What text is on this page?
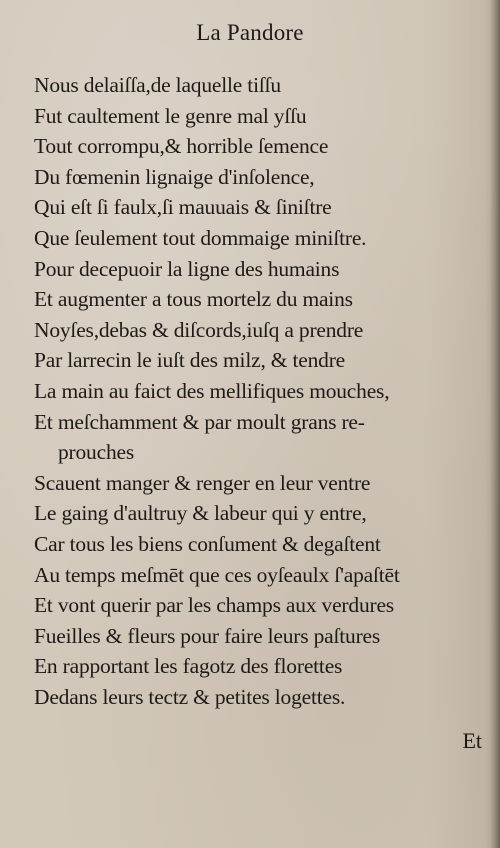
La Pandore
Nous delaiſſa,de laquelle tiſſu
Fut caultement le genre mal yſſu
Tout corrompu,& horrible ſemence
Du fœmenin lignaige d'inſolence,
Qui eſt ſi faulx,ſi mauuais & ſiniſtre
Que ſeulement tout dommaige miniſtre.
Pour decepuoir la ligne des humains
Et augmenter a tous mortelz du mains
Noyſes,debas & diſcords,iuſq a prendre
Par larrecin le iuſt des milz, & tendre
La main au faict des mellifiques mouches,
Et meſchamment & par moult grans re-
prouches
Scauent manger & renger en leur ventre
Le gaing d'aultruy & labeur qui y entre,
Car tous les biens conſument & degaſtent
Au temps meſmēt que ces oyſeaulx ſ'apaſtēt
Et vont querir par les champs aux verdures
Fueilles & fleurs pour faire leurs paſtures
En rapportant les fagotz des florettes
Dedans leurs tectz & petites logettes.
Et
